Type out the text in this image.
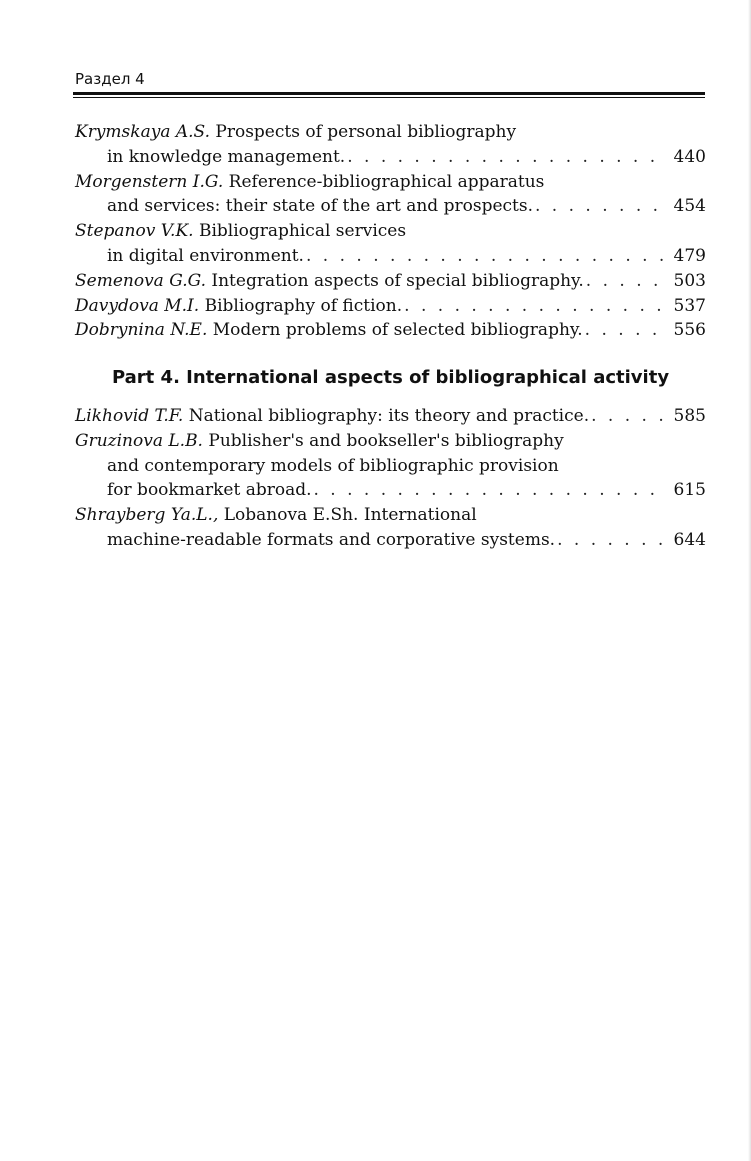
Раздел 4
Krymskaya A.S.
Prospects of personal bibliography
in knowledge management. . . .	440
Morgenstern I.G.
Reference-bibliographical apparatus
and services: their state of the art and prospects. . . .	454
Stepanov V.K.
Bibliographical services
in digital environment. . . .	479
Semenova G.G.
Integration aspects of special bibliography. . . .	503
Davydova M.I.
Bibliography of fiction. . . .	537
Dobrynina N.E.
Modern problems of selected bibliography. . . .	556
Part 4. International aspects of bibliographical activity
Likhovid T.F.
National bibliography: its theory and practice. . . .	585
Gruzinova L.B.
Publisher's and bookseller's bibliography
and contemporary models of bibliographic provision
for bookmarket abroad. . . .	615
Shrayberg Ya.L.,
Lobanova E.Sh.
International
machine-readable formats and corporative systems. . . .	644
